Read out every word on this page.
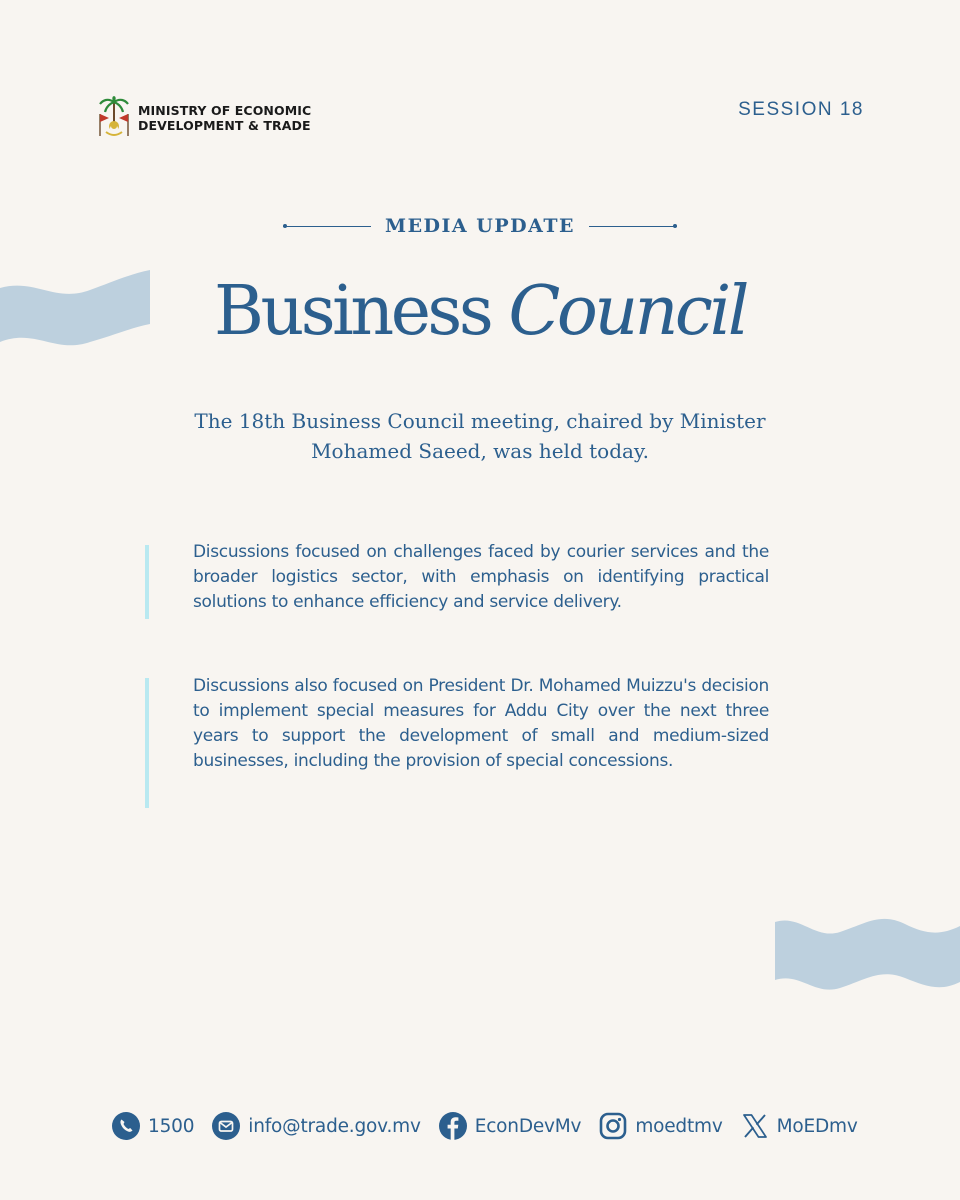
MINISTRY OF ECONOMIC
DEVELOPMENT & TRADE
SESSION 18
MEDIA UPDATE
Business Council
The 18th Business Council meeting, chaired by Minister Mohamed Saeed, was held today.
Discussions focused on challenges faced by courier services and the broader logistics sector, with emphasis on identifying practical solutions to enhance efficiency and service delivery.
Discussions also focused on President Dr. Mohamed Muizzu's decision to implement special measures for Addu City over the next three years to support the development of small and medium-sized businesses, including the provision of special concessions.
1500	info@trade.gov.mv	EconDevMv	moedtmv	MoEDmv
